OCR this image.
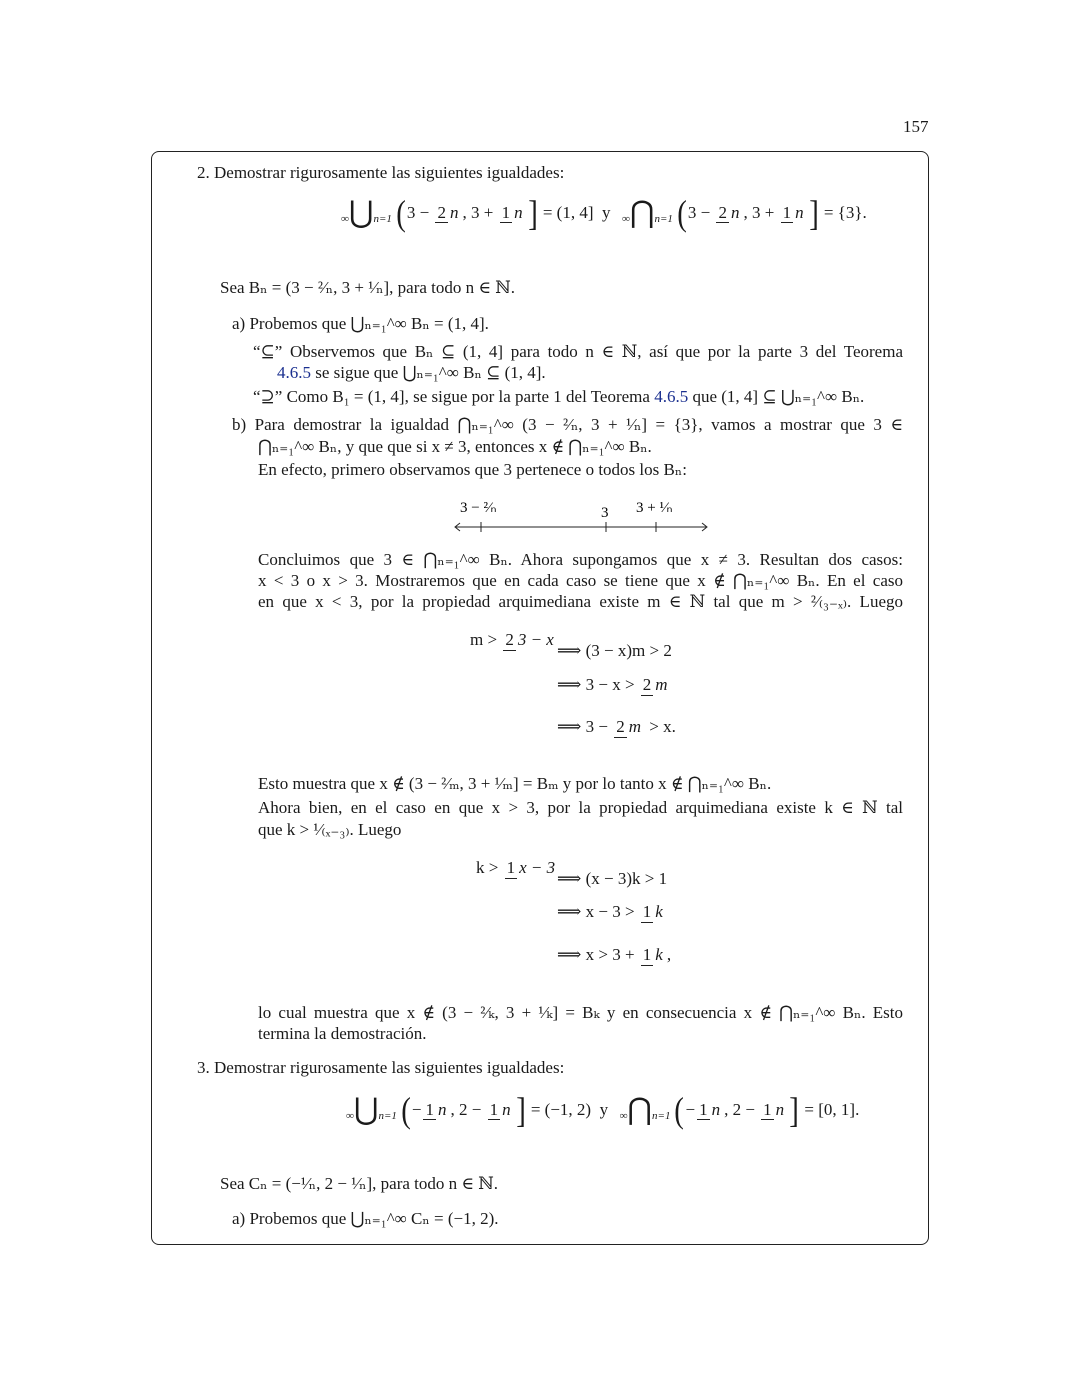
157
2. Demostrar rigurosamente las siguientes igualdades:
∞⋃n=1 ( 3 − 2 n , 3 + 1 n ] = (1, 4]  y ∞⋂n=1 ( 3 − 2 n , 3 + 1 n ] = {3}.
Sea Bₙ = (3 − ²⁄ₙ, 3 + ¹⁄ₙ], para todo n ∈ ℕ.
a) Probemos que ⋃ₙ₌₁^∞ Bₙ = (1, 4].
“⊆” Observemos que Bₙ ⊆ (1, 4] para todo n ∈ ℕ, así que por la parte 3 del Teorema
4.6.5 se sigue que ⋃ₙ₌₁^∞ Bₙ ⊆ (1, 4].
“⊇” Como B₁ = (1, 4], se sigue por la parte 1 del Teorema 4.6.5 que (1, 4] ⊆ ⋃ₙ₌₁^∞ Bₙ.
b) Para demostrar la igualdad ⋂ₙ₌₁^∞ (3 − ²⁄ₙ, 3 + ¹⁄ₙ] = {3}, vamos a mostrar que 3 ∈
⋂ₙ₌₁^∞ Bₙ, y que que si x ≠ 3, entonces x ∉ ⋂ₙ₌₁^∞ Bₙ.
En efecto, primero observamos que 3 pertenece o todos los Bₙ:
3 − ²⁄ₙ	3 3 + ¹⁄ₙ
Concluimos que 3 ∈ ⋂ₙ₌₁^∞ Bₙ. Ahora supongamos que x ≠ 3. Resultan dos casos:
x < 3 o x > 3. Mostraremos que en cada caso se tiene que x ∉ ⋂ₙ₌₁^∞ Bₙ. En el caso
en que x < 3, por la propiedad arquimediana existe m ∈ ℕ tal que m > ²⁄₍₃₋ₓ₎. Luego
m > 2 3 − x
⟹ (3 − x)m > 2
⟹ 3 − x > 2 m
⟹ 3 − 2 m > x.
Esto muestra que x ∉ (3 − ²⁄ₘ, 3 + ¹⁄ₘ] = Bₘ y por lo tanto x ∉ ⋂ₙ₌₁^∞ Bₙ.
Ahora bien, en el caso en que x > 3, por la propiedad arquimediana existe k ∈ ℕ tal
que k > ¹⁄₍ₓ₋₃₎. Luego
k > 1 x − 3
⟹ (x − 3)k > 1
⟹ x − 3 > 1 k
⟹ x > 3 + 1 k ,
lo cual muestra que x ∉ (3 − ²⁄ₖ, 3 + ¹⁄ₖ] = Bₖ y en consecuencia x ∉ ⋂ₙ₌₁^∞ Bₙ. Esto
termina la demostración.
3. Demostrar rigurosamente las siguientes igualdades:
∞⋃n=1 ( − 1 n , 2 − 1 n ] = (−1, 2)  y ∞⋂n=1 ( − 1 n , 2 − 1 n ] = [0, 1].
Sea Cₙ = (−¹⁄ₙ, 2 − ¹⁄ₙ], para todo n ∈ ℕ.
a) Probemos que ⋃ₙ₌₁^∞ Cₙ = (−1, 2).
